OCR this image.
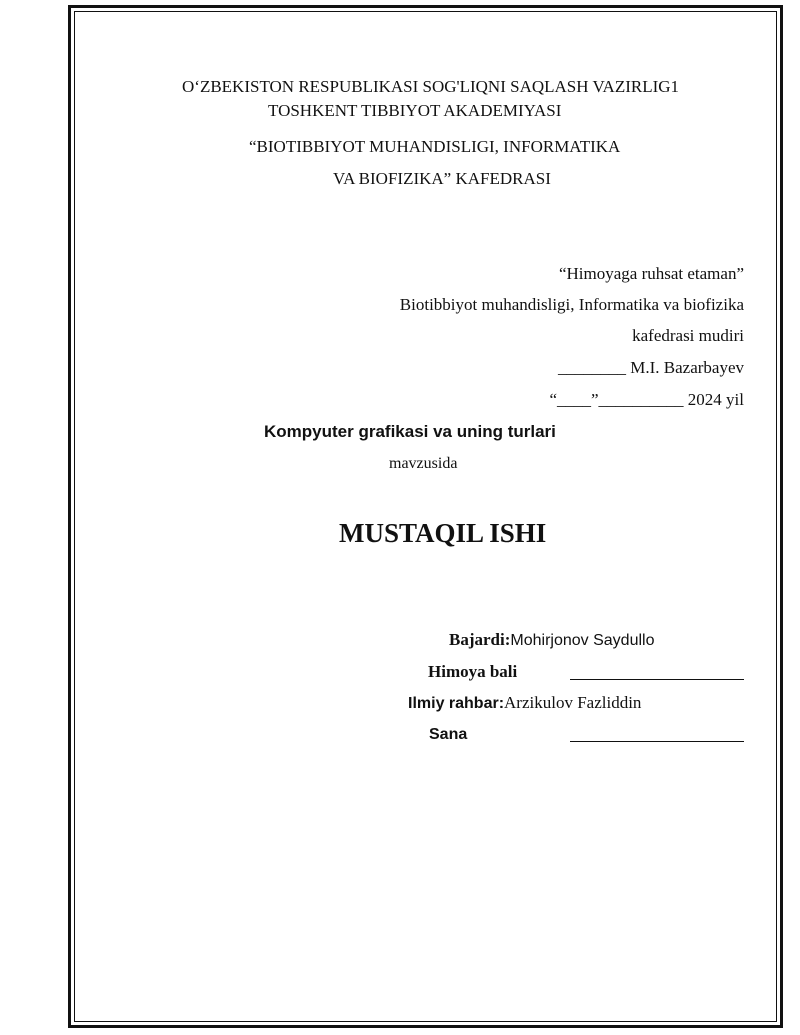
O‘ZBEKISTON RESPUBLIKASI SOG'LIQNI SAQLASH VAZIRLIG1
TOSHKENT TIBBIYOT AKADEMIYASI
“BIOTIBBIYOT MUHANDISLIGI, INFORMATIKA
VA BIOFIZIKA” KAFEDRASI
“Himoyaga ruhsat etaman”
Biotibbiyot muhandisligi, Informatika va biofizika
kafedrasi mudiri
________ M.I. Bazarbayev
“____”__________ 2024 yil
Kompyuter grafikasi va uning turlari
mavzusida
MUSTAQIL ISHI
Bajardi:Mohirjonov Saydullo
Himoya bali
Ilmiy rahbar:Arzikulov Fazliddin
Sana
